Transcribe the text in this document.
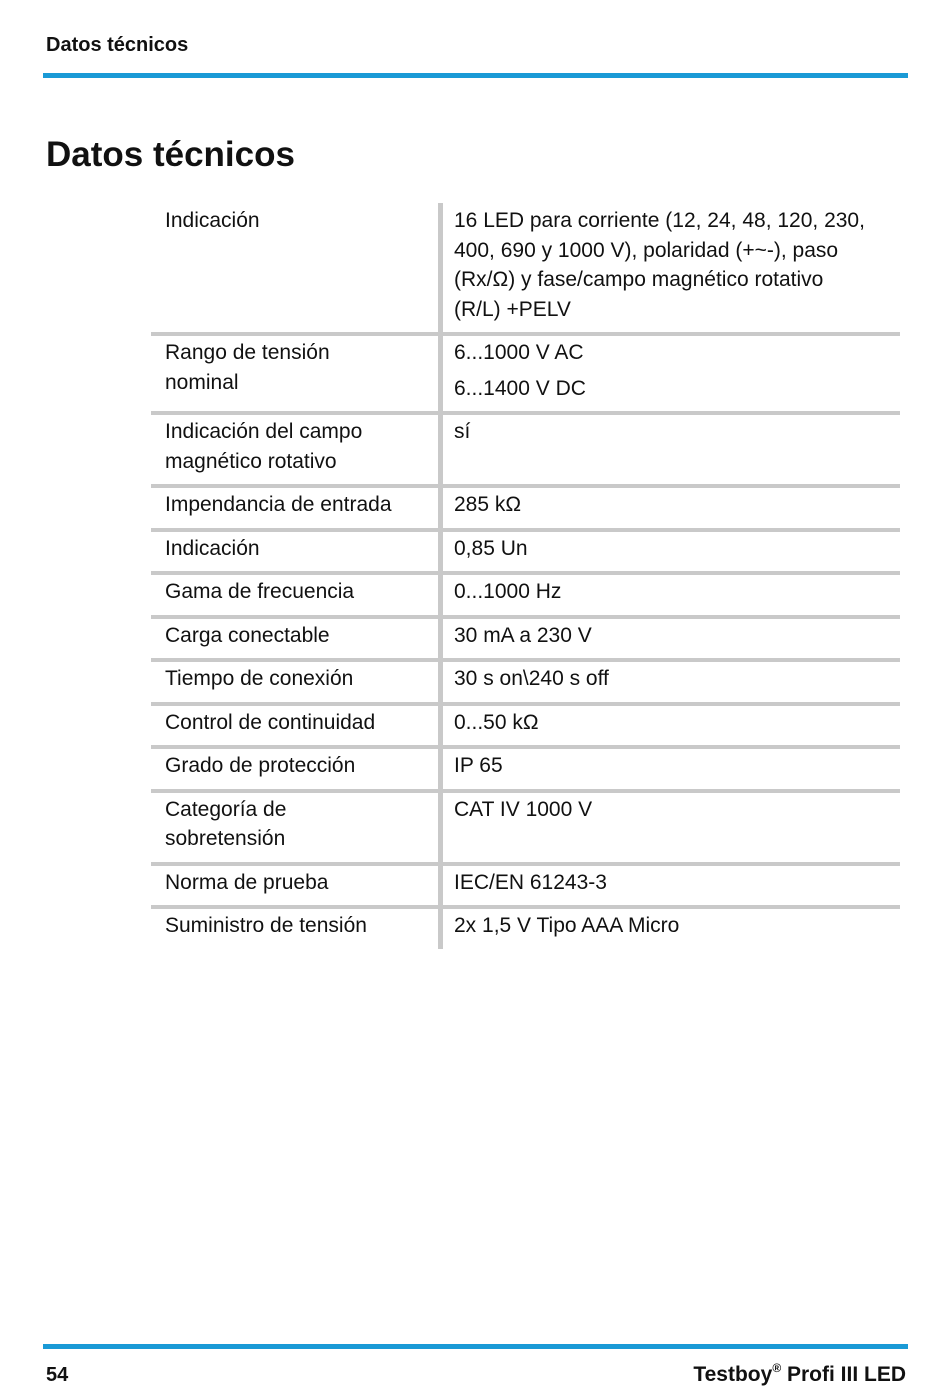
Datos técnicos
Datos técnicos
Indicación	16 LED para corriente (12, 24, 48, 120, 230,
400, 690 y 1000 V), polaridad (+~-), paso
(Rx/Ω) y fase/campo magnético rotativo
(R/L) +PELV

Rango de tensión
nominal	6...1000 V AC
6...1400 V DC

Indicación del campo
magnético rotativo	sí

Impendancia de entrada	285 kΩ

Indicación	0,85 Un

Gama de frecuencia	0...1000 Hz

Carga conectable	30 mA a 230 V

Tiempo de conexión	30 s on\240 s off

Control de continuidad	0...50 kΩ

Grado de protección	IP 65

Categoría de
sobretensión	CAT IV 1000 V

Norma de prueba	IEC/EN 61243-3

Suministro de tensión	2x 1,5 V Tipo AAA Micro
54	Testboy® Profi III LED
